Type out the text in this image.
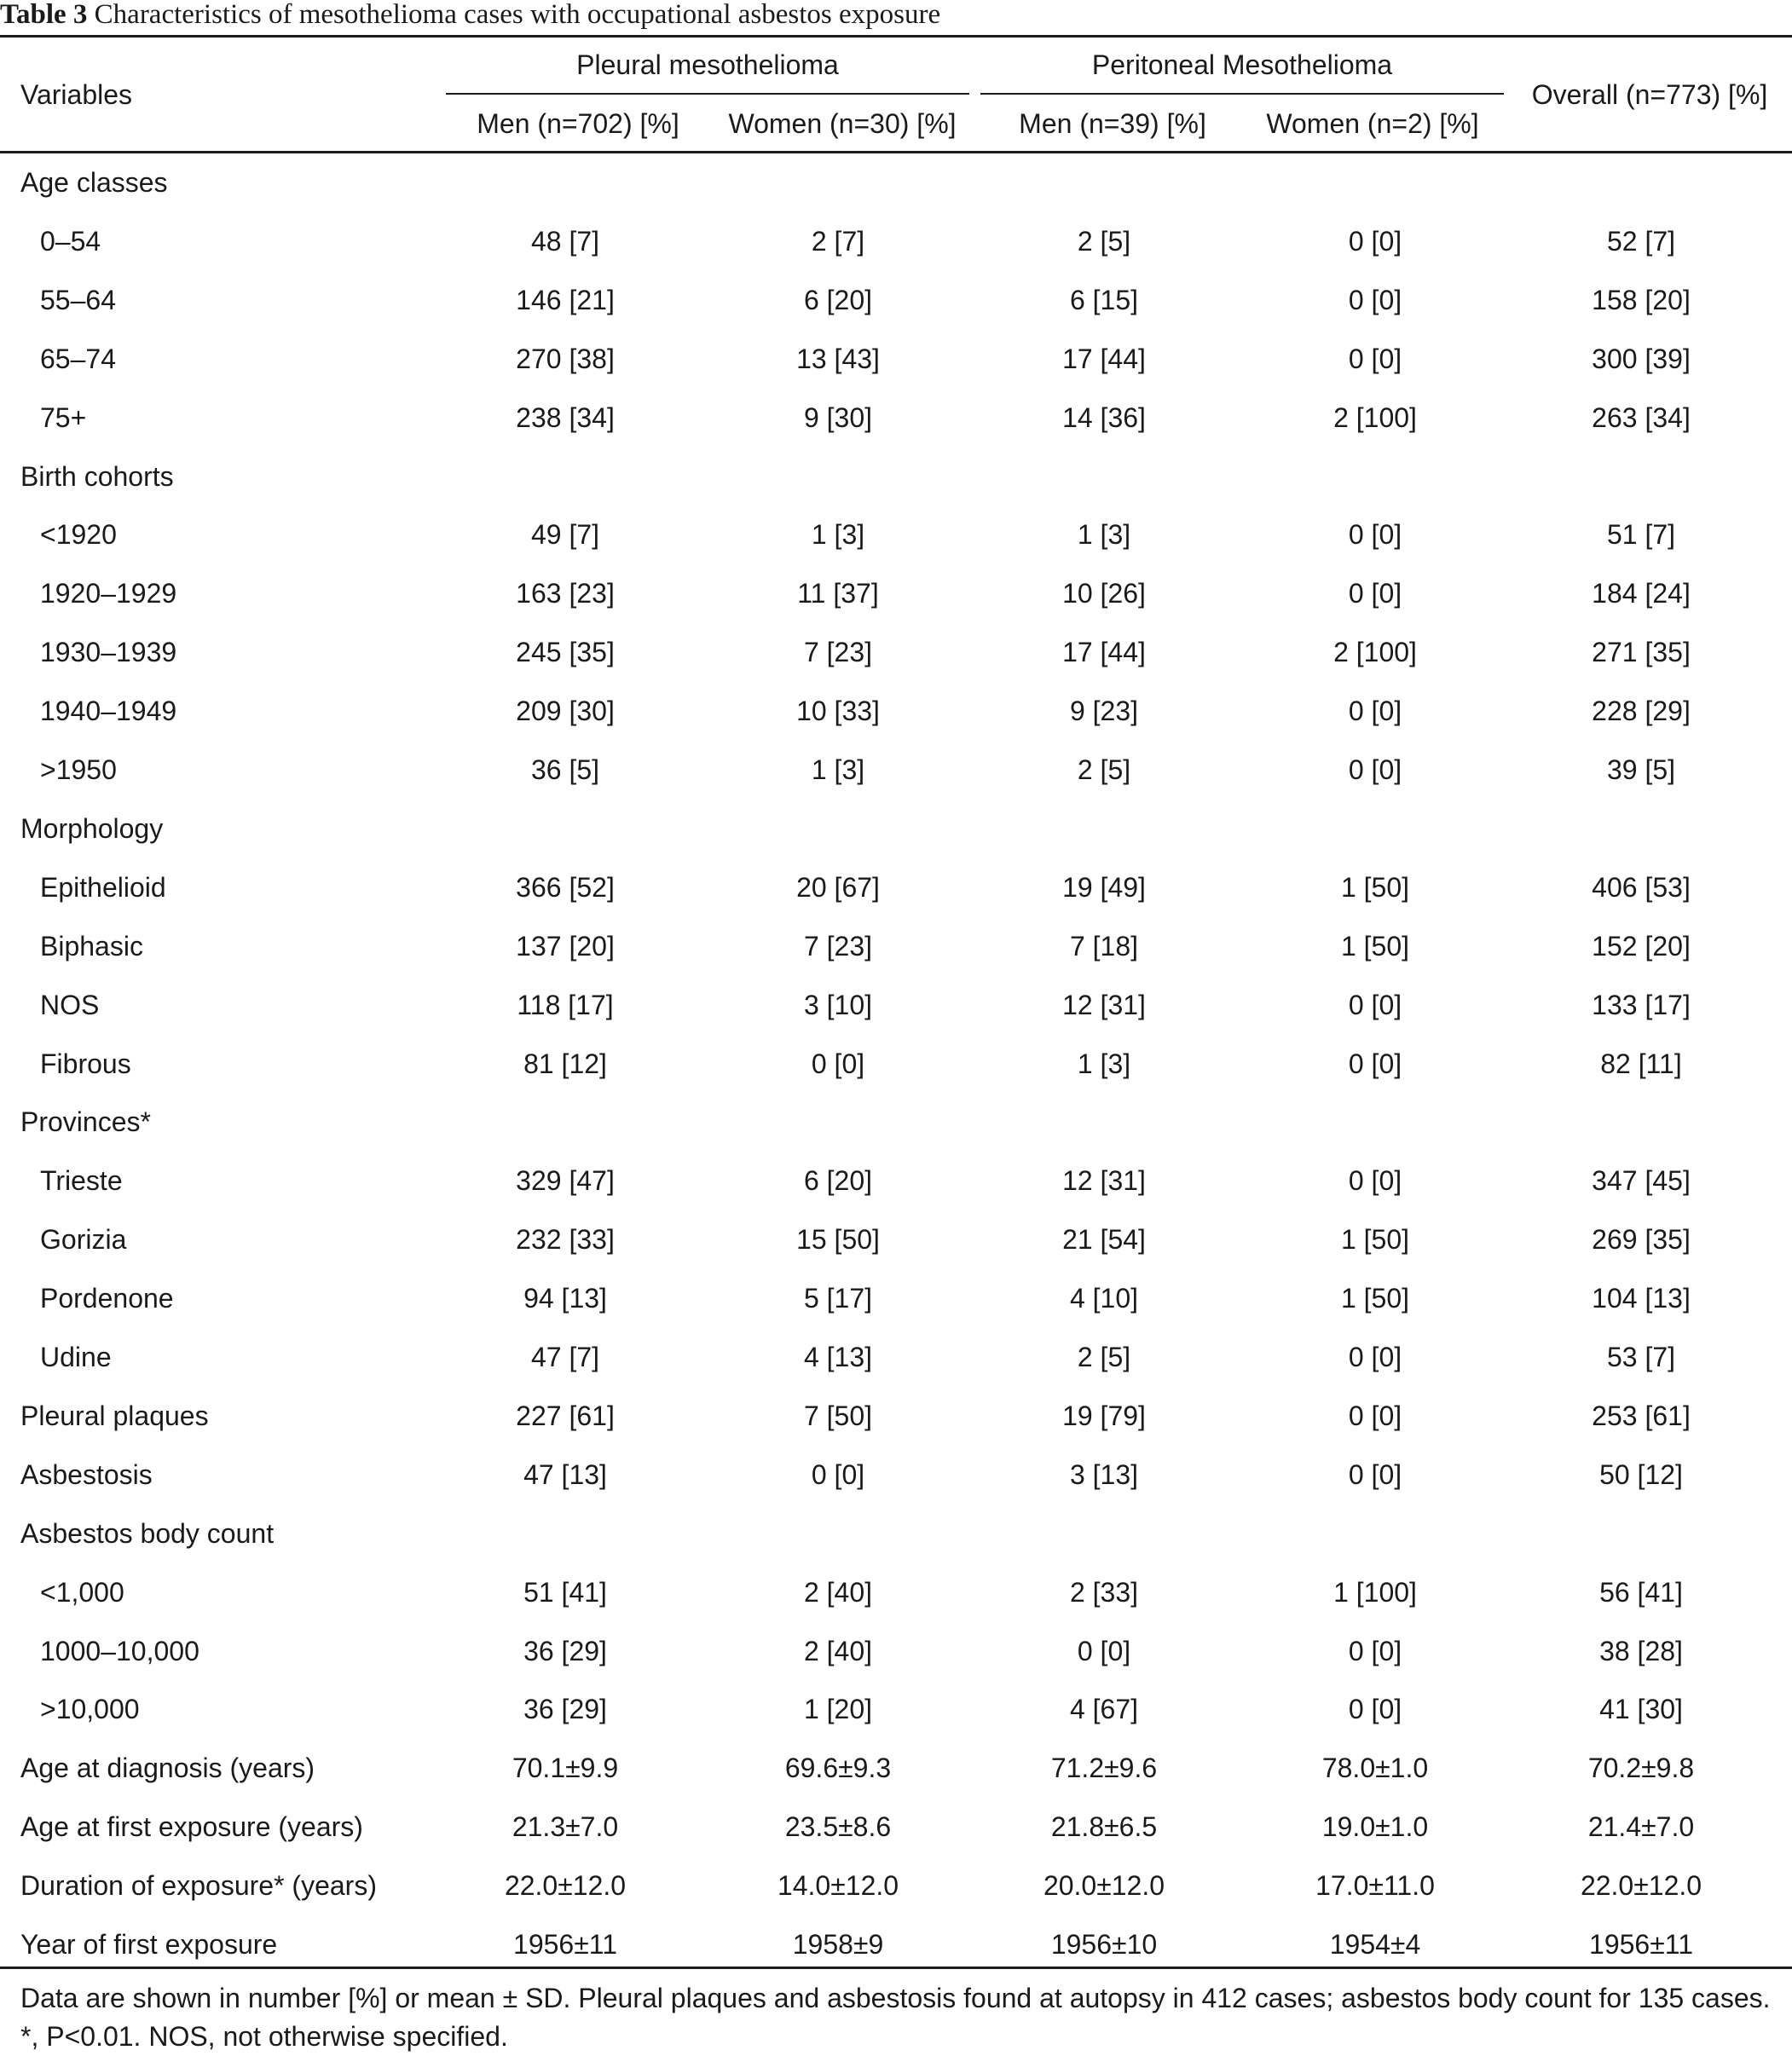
Table 3 Characteristics of mesothelioma cases with occupational asbestos exposure
Variables
Pleural mesothelioma	Peritoneal Mesothelioma
Overall (n=773) [%]
Men (n=702) [%]	Women (n=30) [%]	Men (n=39) [%]	Women (n=2) [%]
Age classes
0–54	48 [7]	2 [7]	2 [5]	0 [0]	52 [7]
55–64	146 [21]	6 [20]	6 [15]	0 [0]	158 [20]
65–74	270 [38]	13 [43]	17 [44]	0 [0]	300 [39]
75+	238 [34]	9 [30]	14 [36]	2 [100]	263 [34]
Birth cohorts
<1920	49 [7]	1 [3]	1 [3]	0 [0]	51 [7]
1920–1929	163 [23]	11 [37]	10 [26]	0 [0]	184 [24]
1930–1939	245 [35]	7 [23]	17 [44]	2 [100]	271 [35]
1940–1949	209 [30]	10 [33]	9 [23]	0 [0]	228 [29]
>1950	36 [5]	1 [3]	2 [5]	0 [0]	39 [5]
Morphology
Epithelioid	366 [52]	20 [67]	19 [49]	1 [50]	406 [53]
Biphasic	137 [20]	7 [23]	7 [18]	1 [50]	152 [20]
NOS	118 [17]	3 [10]	12 [31]	0 [0]	133 [17]
Fibrous	81 [12]	0 [0]	1 [3]	0 [0]	82 [11]
Provinces*
Trieste	329 [47]	6 [20]	12 [31]	0 [0]	347 [45]
Gorizia	232 [33]	15 [50]	21 [54]	1 [50]	269 [35]
Pordenone	94 [13]	5 [17]	4 [10]	1 [50]	104 [13]
Udine	47 [7]	4 [13]	2 [5]	0 [0]	53 [7]
Pleural plaques	227 [61]	7 [50]	19 [79]	0 [0]	253 [61]
Asbestosis	47 [13]	0 [0]	3 [13]	0 [0]	50 [12]
Asbestos body count
<1,000	51 [41]	2 [40]	2 [33]	1 [100]	56 [41]
1000–10,000	36 [29]	2 [40]	0 [0]	0 [0]	38 [28]
>10,000	36 [29]	1 [20]	4 [67]	0 [0]	41 [30]
Age at diagnosis (years)	70.1±9.9	69.6±9.3	71.2±9.6	78.0±1.0	70.2±9.8
Age at first exposure (years)	21.3±7.0	23.5±8.6	21.8±6.5	19.0±1.0	21.4±7.0
Duration of exposure* (years)	22.0±12.0	14.0±12.0	20.0±12.0	17.0±11.0	22.0±12.0
Year of first exposure	1956±11	1958±9	1956±10	1954±4	1956±11
Data are shown in number [%] or mean ± SD. Pleural plaques and asbestosis found at autopsy in 412 cases; asbestos body count for 135 cases. *, P<0.01. NOS, not otherwise specified.
